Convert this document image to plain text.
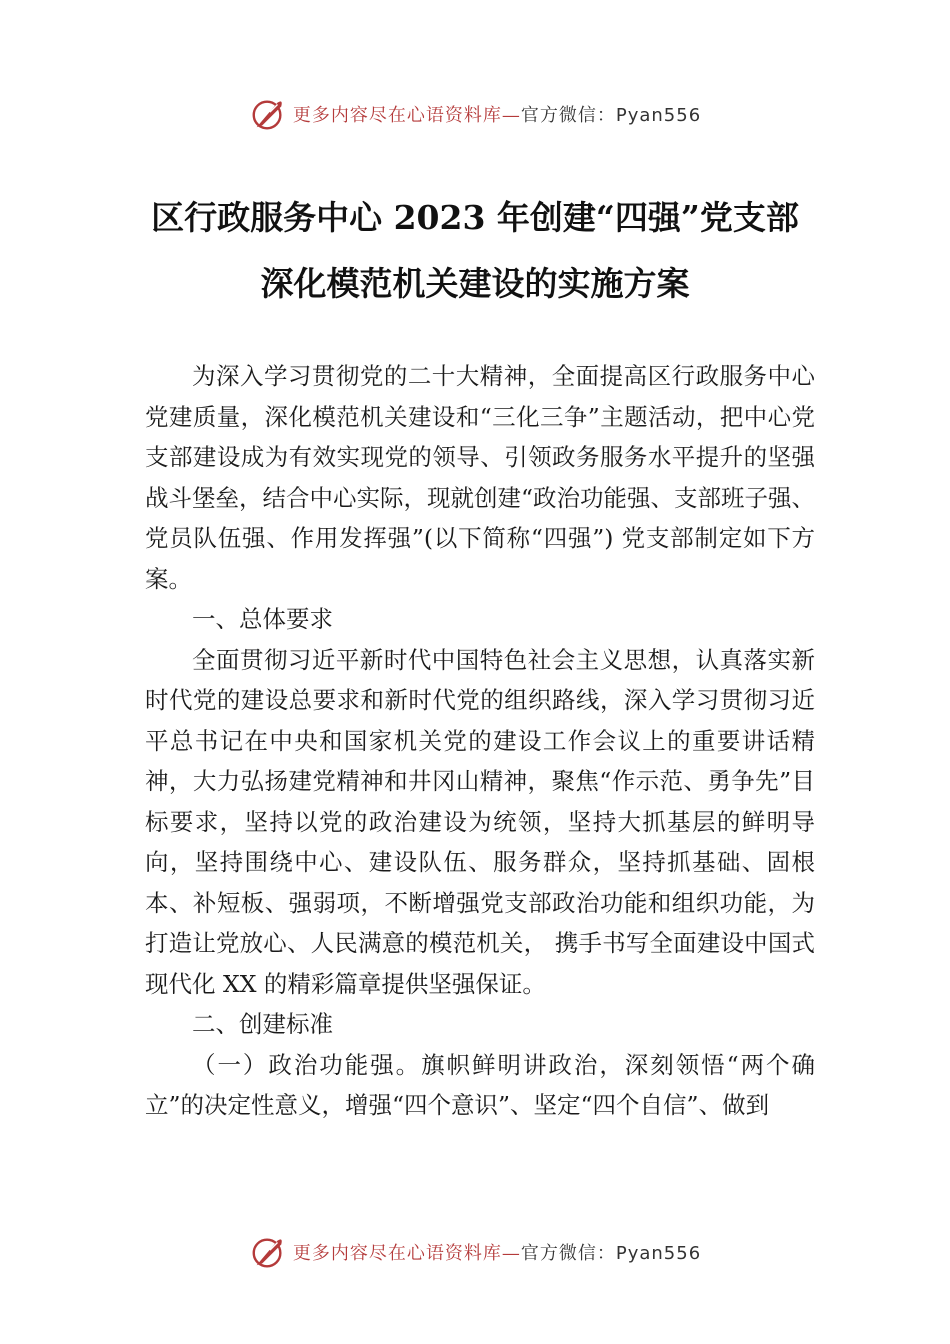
更多内容尽在心语资料库—官方微信：Pyan556
区行政服务中心 2023 年创建“四强”党支部
深化模范机关建设的实施方案

为深入学习贯彻党的二十大精神，全面提高区行政服务中心党建质量，深化模范机关建设和“三化三争”主题活动，把中心党支部建设成为有效实现党的领导、引领政务服务水平提升的坚强战斗堡垒，结合中心实际，现就创建“政治功能强、支部班子强、党员队伍强、作用发挥强”(以下简称“四强”) 党支部制定如下方案。

一、总体要求

全面贯彻习近平新时代中国特色社会主义思想，认真落实新时代党的建设总要求和新时代党的组织路线，深入学习贯彻习近平总书记在中央和国家机关党的建设工作会议上的重要讲话精神，大力弘扬建党精神和井冈山精神，聚焦“作示范、勇争先”目标要求，坚持以党的政治建设为统领，坚持大抓基层的鲜明导向，坚持围绕中心、建设队伍、服务群众，坚持抓基础、固根本、补短板、强弱项，不断增强党支部政治功能和组织功能，为打造让党放心、人民满意的模范机关， 携手书写全面建设中国式现代化 XX 的精彩篇章提供坚强保证。

二、创建标准

（一）政治功能强。旗帜鲜明讲政治，深刻领悟“两个确立”的决定性意义，增强“四个意识”、坚定“四个自信”、做到

更多内容尽在心语资料库—官方微信：Pyan556
